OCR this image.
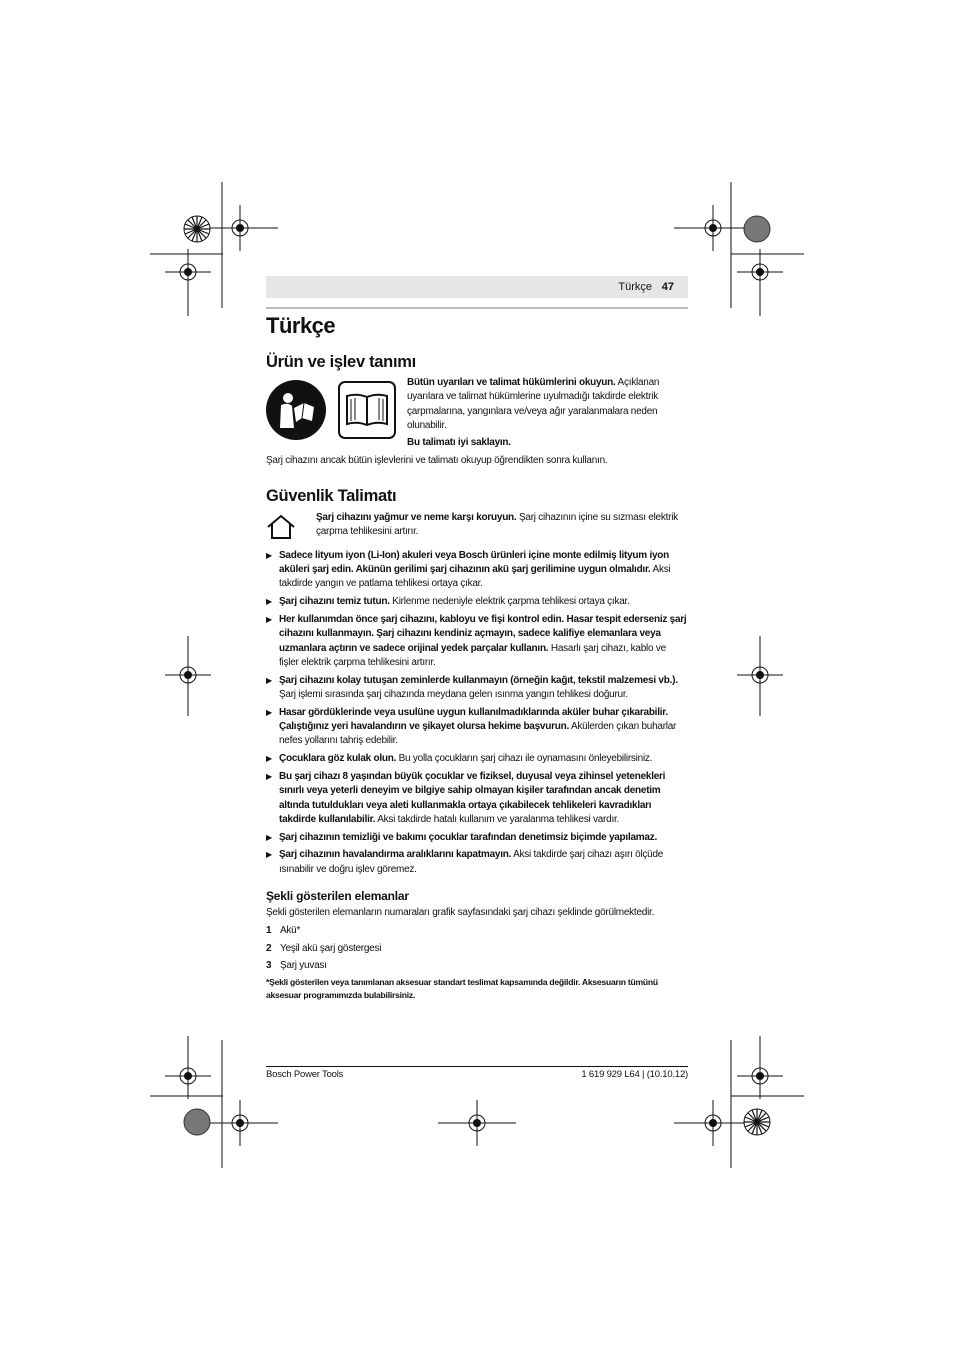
Türkçe 47
Türkçe
Ürün ve işlev tanımı
Bütün uyarıları ve talimat hükümlerini okuyun. Açıklanan uyarılara ve talimat hükümlerine uyulmadığı takdirde elektrik çarpmalarına, yangınlara ve/veya ağır yaralanmalara neden olunabilir.
Bu talimatı iyi saklayın.
Şarj cihazını ancak bütün işlevlerini ve talimatı okuyup öğrendikten sonra kullanın.
Güvenlik Talimatı
Şarj cihazını yağmur ve neme karşı koruyun. Şarj cihazının içine su sızması elektrik çarpma tehlikesini artırır.
▶ Sadece lityum iyon (Li-Ion) akuleri veya Bosch ürünleri içine monte edilmiş lityum iyon aküleri şarj edin. Akünün gerilimi şarj cihazının akü şarj gerilimine uygun olmalıdır. Aksi takdirde yangın ve patlama tehlikesi ortaya çıkar.
▶ Şarj cihazını temiz tutun. Kirlenme nedeniyle elektrik çarpma tehlikesi ortaya çıkar.
▶ Her kullanımdan önce şarj cihazını, kabloyu ve fişi kontrol edin. Hasar tespit ederseniz şarj cihazını kullanmayın. Şarj cihazını kendiniz açmayın, sadece kalifiye elemanlara veya uzmanlara açtırın ve sadece orijinal yedek parçalar kullanın. Hasarlı şarj cihazı, kablo ve fişler elektrik çarpma tehlikesini artırır.
▶ Şarj cihazını kolay tutuşan zeminlerde kullanmayın (örneğin kağıt, tekstil malzemesi vb.). Şarj işlemi sırasında şarj cihazında meydana gelen ısınma yangın tehlikesi doğurur.
▶ Hasar gördüklerinde veya usulüne uygun kullanılmadıklarında aküler buhar çıkarabilir. Çalıştığınız yeri havalandırın ve şikayet olursa hekime başvurun. Akülerden çıkan buharlar nefes yollarını tahriş edebilir.
▶ Çocuklara göz kulak olun. Bu yolla çocukların şarj cihazı ile oynamasını önleyebilirsiniz.
▶ Bu şarj cihazı 8 yaşından büyük çocuklar ve fiziksel, duyusal veya zihinsel yetenekleri sınırlı veya yeterli deneyim ve bilgiye sahip olmayan kişiler tarafından ancak denetim altında tutuldukları veya aleti kullanmakla ortaya çıkabilecek tehlikeleri kavradıkları takdirde kullanılabilir. Aksi takdirde hatalı kullanım ve yaralanma tehlikesi vardır.
▶ Şarj cihazının temizliği ve bakımı çocuklar tarafından denetimsiz biçimde yapılamaz.
▶ Şarj cihazının havalandırma aralıklarını kapatmayın. Aksi takdirde şarj cihazı aşırı ölçüde ısınabilir ve doğru işlev göremez.
Şekli gösterilen elemanlar
Şekli gösterilen elemanların numaraları grafik sayfasındaki şarj cihazı şeklinde görülmektedir.
1 Akü*
2 Yeşil akü şarj göstergesi
3 Şarj yuvası
*Şekli gösterilen veya tanımlanan aksesuar standart teslimat kapsamında değildir. Aksesuarın tümünü aksesuar programımızda bulabilirsiniz.
Bosch Power Tools	1 619 929 L64 | (10.10.12)
